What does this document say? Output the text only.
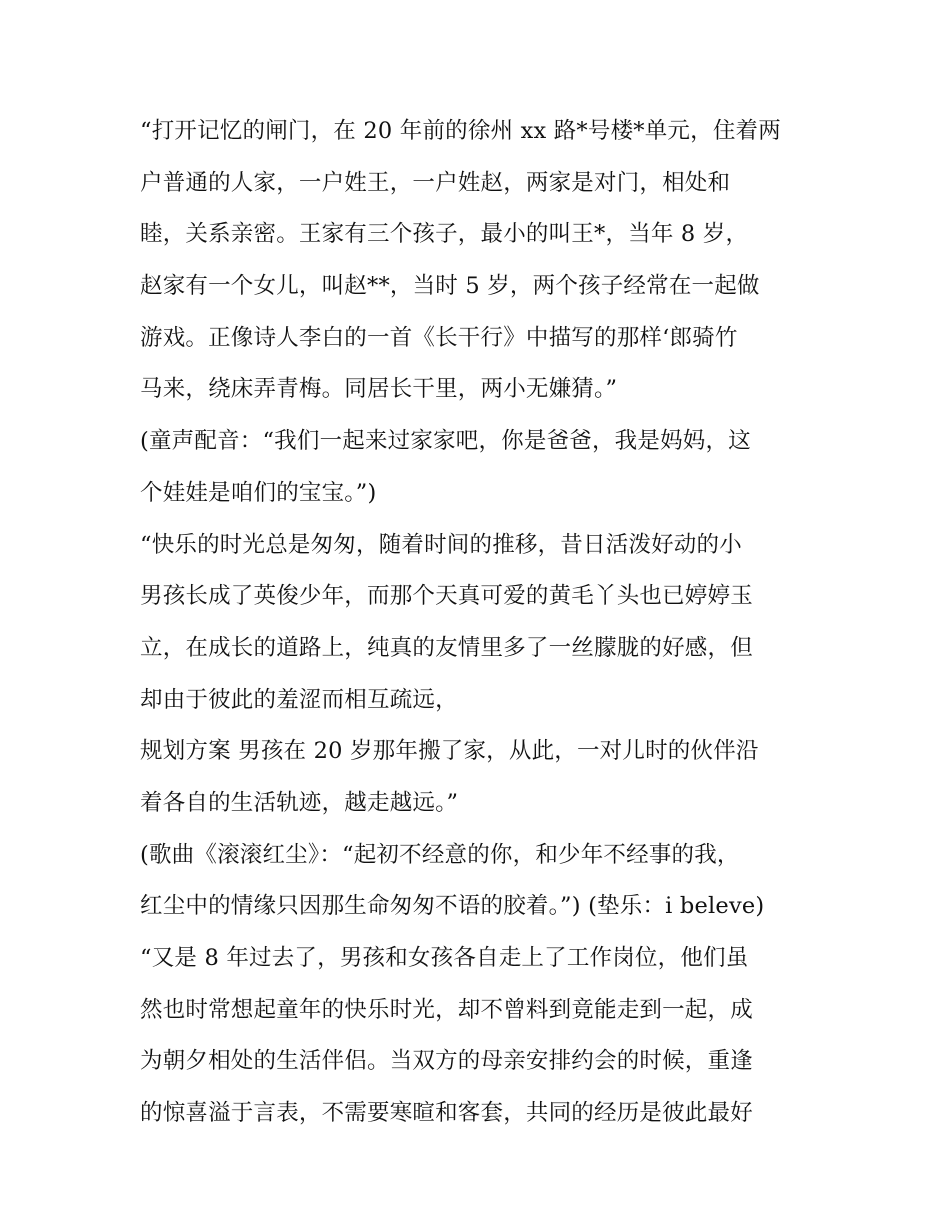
“打开记忆的闸门，在 20 年前的徐州 xx 路*号楼*单元，住着两
户普通的人家，一户姓王，一户姓赵，两家是对门，相处和
睦，关系亲密。王家有三个孩子，最小的叫王*，当年 8 岁，
赵家有一个女儿，叫赵**，当时 5 岁，两个孩子经常在一起做
游戏。正像诗人李白的一首《长干行》中描写的那样‘郎骑竹
马来，绕床弄青梅。同居长干里，两小无嫌猜。”
(童声配音：“我们一起来过家家吧，你是爸爸，我是妈妈，这
个娃娃是咱们的宝宝。”)
“快乐的时光总是匆匆，随着时间的推移，昔日活泼好动的小
男孩长成了英俊少年，而那个天真可爱的黄毛丫头也已婷婷玉
立，在成长的道路上，纯真的友情里多了一丝朦胧的好感，但
却由于彼此的羞涩而相互疏远，
规划方案 男孩在 20 岁那年搬了家，从此，一对儿时的伙伴沿
着各自的生活轨迹，越走越远。”
(歌曲《滚滚红尘》：“起初不经意的你，和少年不经事的我，
红尘中的情缘只因那生命匆匆不语的胶着。”) (垫乐：i beleve)
“又是 8 年过去了，男孩和女孩各自走上了工作岗位，他们虽
然也时常想起童年的快乐时光，却不曾料到竟能走到一起，成
为朝夕相处的生活伴侣。当双方的母亲安排约会的时候，重逢
的惊喜溢于言表，不需要寒暄和客套，共同的经历是彼此最好
